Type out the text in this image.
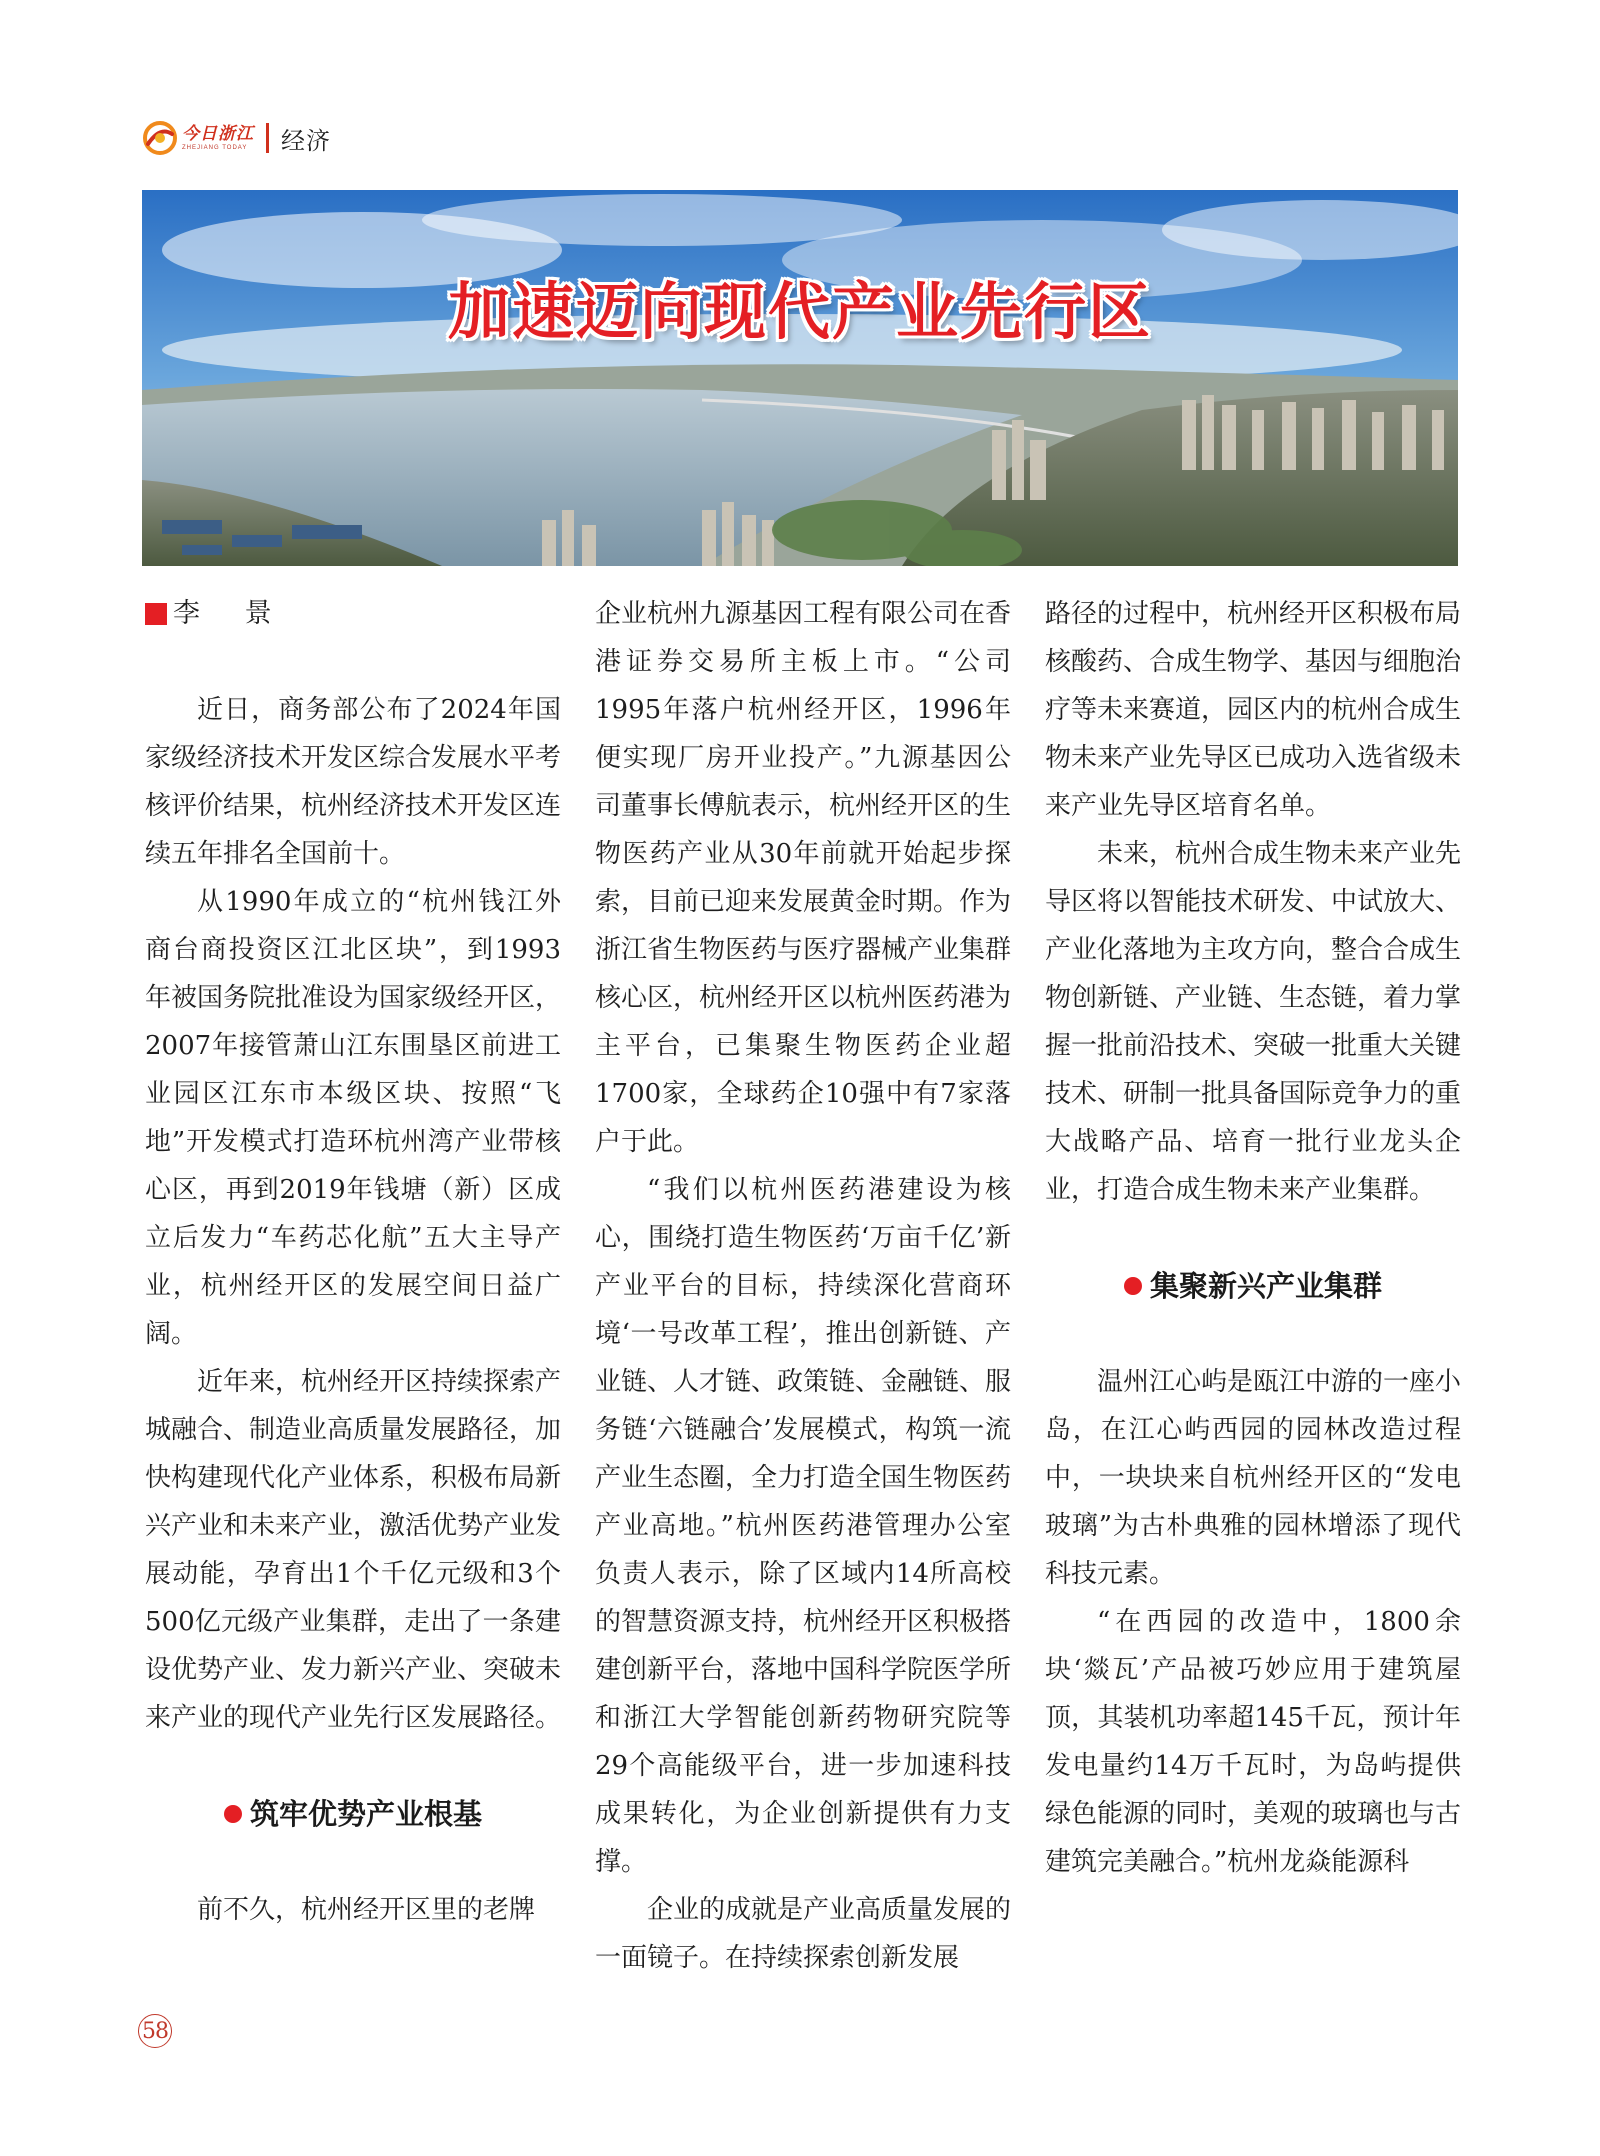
今日浙江
ZHEJIANG TODAY 经济
加速迈向现代产业先行区
李 景

近日，商务部公布了2024年国家级经济技术开发区综合发展水平考核评价结果，杭州经济技术开发区连续五年排名全国前十。

从1990年成立的“杭州钱江外商台商投资区江北区块”，到1993年被国务院批准设为国家级经开区，2007年接管萧山江东围垦区前进工业园区江东市本级区块、按照“飞地”开发模式打造环杭州湾产业带核心区，再到2019年钱塘（新）区成立后发力“车药芯化航”五大主导产业，杭州经开区的发展空间日益广阔。

近年来，杭州经开区持续探索产城融合、制造业高质量发展路径，加快构建现代化产业体系，积极布局新兴产业和未来产业，激活优势产业发展动能，孕育出1个千亿元级和3个500亿元级产业集群，走出了一条建设优势产业、发力新兴产业、突破未来产业的现代产业先行区发展路径。

筑牢优势产业根基

前不久，杭州经开区里的老牌

企业杭州九源基因工程有限公司在香港证券交易所主板上市。“公司1995年落户杭州经开区，1996年便实现厂房开业投产。”九源基因公司董事长傅航表示，杭州经开区的生物医药产业从30年前就开始起步探索，目前已迎来发展黄金时期。作为浙江省生物医药与医疗器械产业集群核心区，杭州经开区以杭州医药港为主平台，已集聚生物医药企业超1700家，全球药企10强中有7家落户于此。

“我们以杭州医药港建设为核心，围绕打造生物医药‘万亩千亿’新产业平台的目标，持续深化营商环境‘一号改革工程’，推出创新链、产业链、人才链、政策链、金融链、服务链‘六链融合’发展模式，构筑一流产业生态圈，全力打造全国生物医药产业高地。”杭州医药港管理办公室负责人表示，除了区域内14所高校的智慧资源支持，杭州经开区积极搭建创新平台，落地中国科学院医学所和浙江大学智能创新药物研究院等29个高能级平台，进一步加速科技成果转化，为企业创新提供有力支撑。

企业的成就是产业高质量发展的一面镜子。在持续探索创新发展

路径的过程中，杭州经开区积极布局核酸药、合成生物学、基因与细胞治疗等未来赛道，园区内的杭州合成生物未来产业先导区已成功入选省级未来产业先导区培育名单。

未来，杭州合成生物未来产业先导区将以智能技术研发、中试放大、产业化落地为主攻方向，整合合成生物创新链、产业链、生态链，着力掌握一批前沿技术、突破一批重大关键技术、研制一批具备国际竞争力的重大战略产品、培育一批行业龙头企业，打造合成生物未来产业集群。

集聚新兴产业集群

温州江心屿是瓯江中游的一座小岛，在江心屿西园的园林改造过程中，一块块来自杭州经开区的“发电玻璃”为古朴典雅的园林增添了现代科技元素。

“在西园的改造中，1800余块‘燚瓦’产品被巧妙应用于建筑屋顶，其装机功率超145千瓦，预计年发电量约14万千瓦时，为岛屿提供绿色能源的同时，美观的玻璃也与古建筑完美融合。”杭州龙焱能源科

58
